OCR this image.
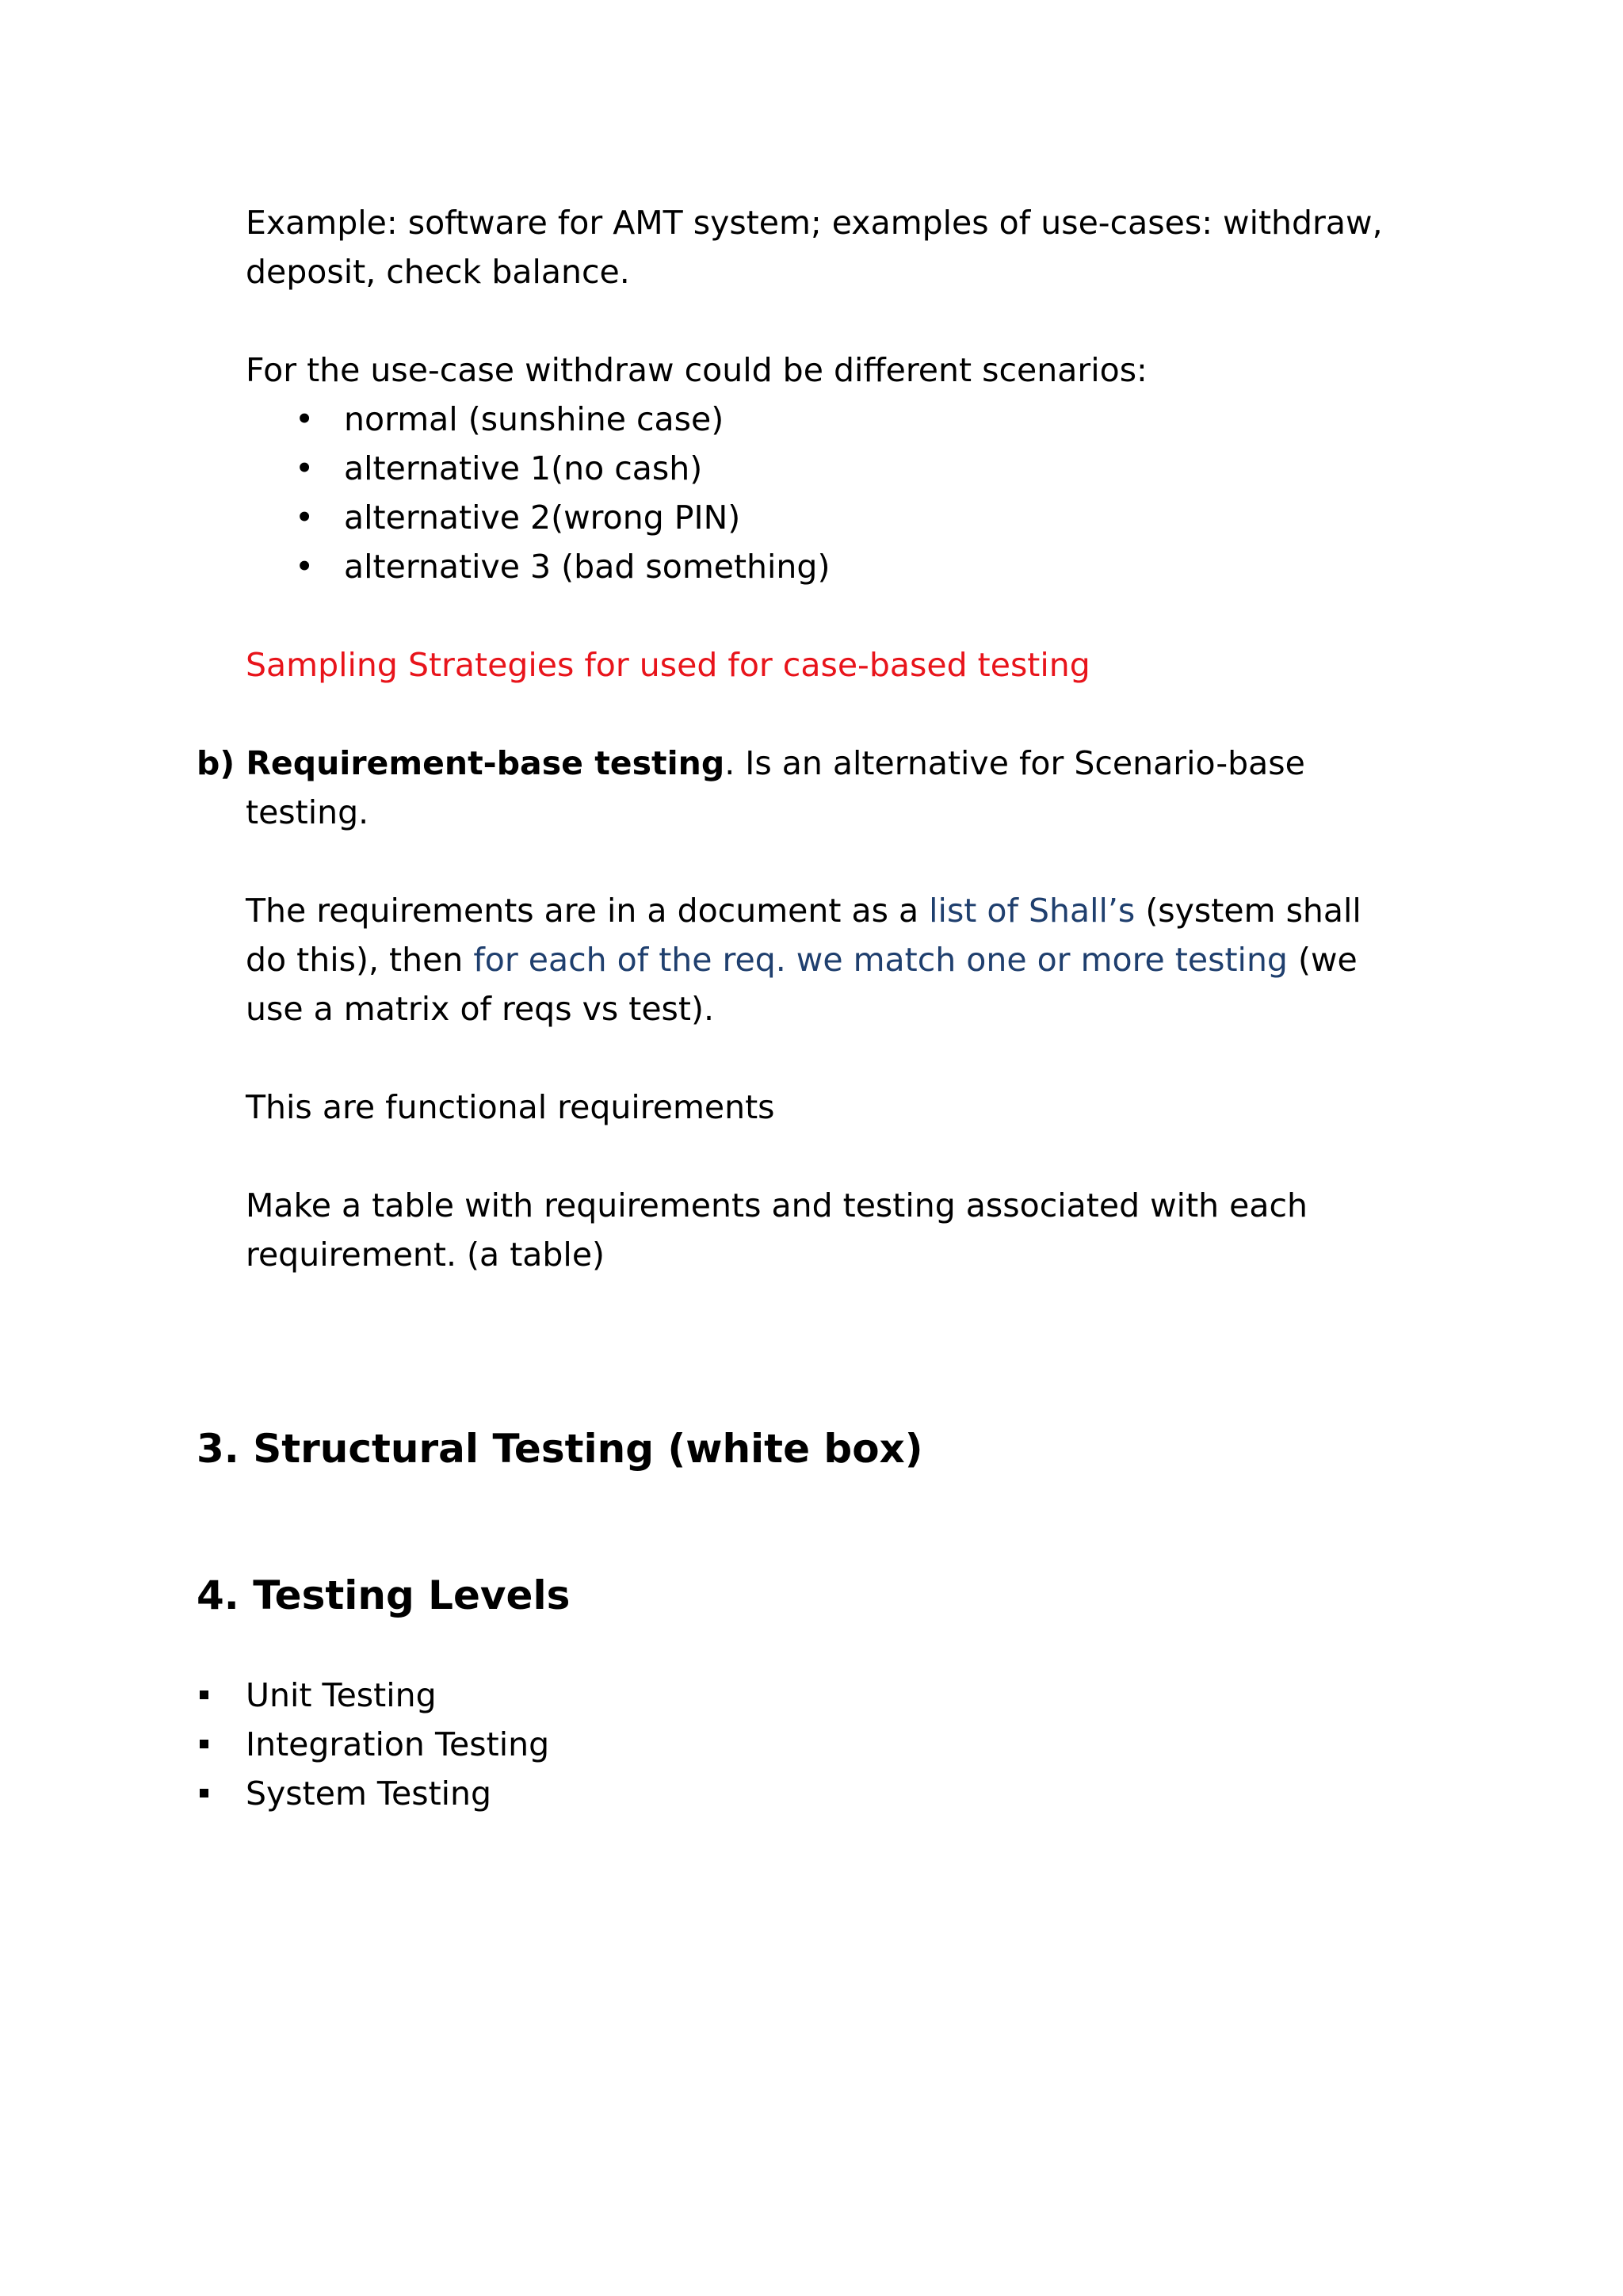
Example: software for AMT system; examples of use-cases: withdraw,

deposit, check balance.

For the use-case withdraw could be different scenarios:

• normal (sunshine case)
• alternative 1(no cash)
• alternative 2(wrong PIN)
• alternative 3 (bad something)

Sampling Strategies for used for case-based testing

b) Requirement-base testing. Is an alternative for Scenario-base

testing.

The requirements are in a document as a list of Shall’s (system shall

do this), then for each of the req. we match one or more testing (we

use a matrix of reqs vs test).

This are functional requirements

Make a table with requirements and testing associated with each

requirement. (a table)

3. Structural Testing (white box)
4. Testing Levels
Unit Testing
Integration Testing
System Testing
